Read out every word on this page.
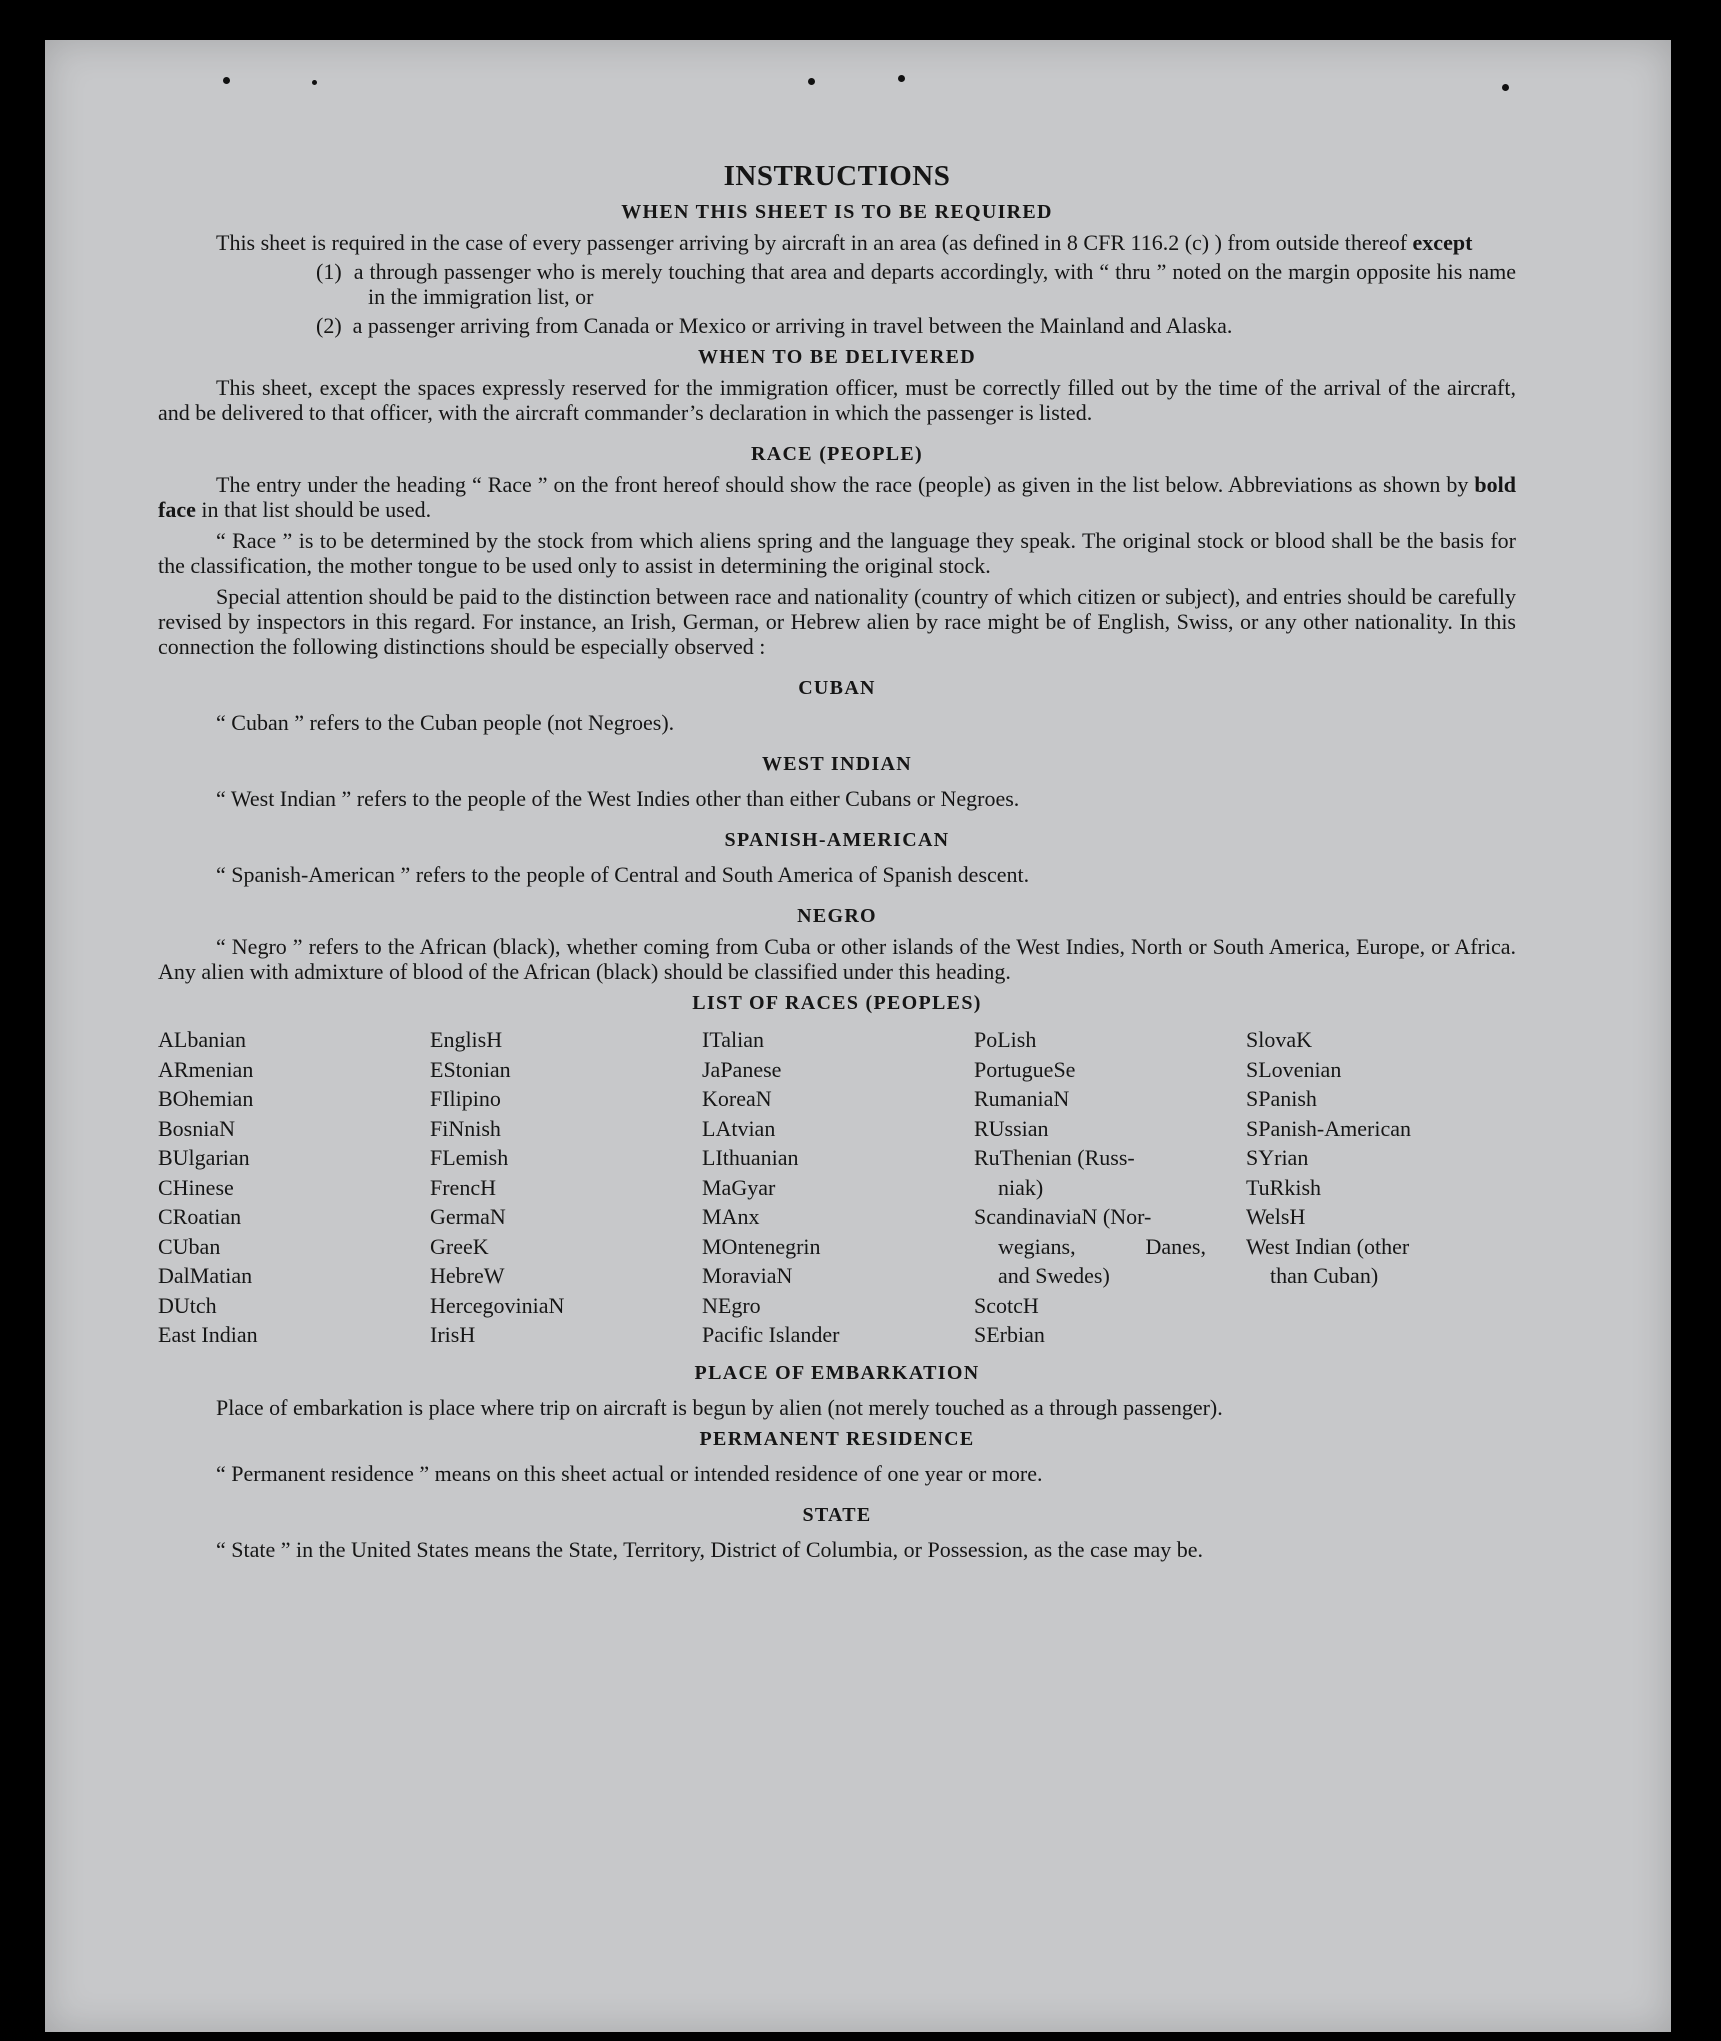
INSTRUCTIONS
WHEN THIS SHEET IS TO BE REQUIRED

This sheet is required in the case of every passenger arriving by aircraft in an area (as defined in 8 CFR 116.2 (c) ) from outside thereof except

(1) a through passenger who is merely touching that area and departs accordingly, with “ thru ” noted on the margin opposite his name in the immigration list, or
(2) a passenger arriving from Canada or Mexico or arriving in travel between the Mainland and Alaska.
WHEN TO BE DELIVERED

This sheet, except the spaces expressly reserved for the immigration officer, must be correctly filled out by the time of the arrival of the aircraft, and be delivered to that officer, with the aircraft commander’s declaration in which the passenger is listed.

RACE (PEOPLE)

The entry under the heading “ Race ” on the front hereof should show the race (people) as given in the list below. Abbreviations as shown by bold face in that list should be used.

“ Race ” is to be determined by the stock from which aliens spring and the language they speak. The original stock or blood shall be the basis for the classification, the mother tongue to be used only to assist in determining the original stock.

Special attention should be paid to the distinction between race and nationality (country of which citizen or subject), and entries should be carefully revised by inspectors in this regard. For instance, an Irish, German, or Hebrew alien by race might be of English, Swiss, or any other nationality. In this connection the following distinctions should be especially observed :

CUBAN

“ Cuban ” refers to the Cuban people (not Negroes).

WEST INDIAN

“ West Indian ” refers to the people of the West Indies other than either Cubans or Negroes.

SPANISH-AMERICAN

“ Spanish-American ” refers to the people of Central and South America of Spanish descent.

NEGRO

“ Negro ” refers to the African (black), whether coming from Cuba or other islands of the West Indies, North or South America, Europe, or Africa. Any alien with admixture of blood of the African (black) should be classified under this heading.

LIST OF RACES (PEOPLES)
ALbanian
ARmenian
BOhemian
BosniaN
BUlgarian
CHinese
CRoatian
CUban
DalMatian
DUtch
East Indian
EnglisH
EStonian
FIlipino
FiNnish
FLemish
FrencH
GermaN
GreeK
HebreW
HercegoviniaN
IrisH
ITalian
JaPanese
KoreaN
LAtvian
LIthuanian
MaGyar
MAnx
MOntenegrin
MoraviaN
NEgro
Pacific Islander
PoLish
PortugueSe
RumaniaN
RUssian
RuThenian (Russ-
niak)
ScandinaviaN (Nor-
wegians,	Danes,
and Swedes)
ScotcH
SErbian
SlovaK
SLovenian
SPanish
SPanish-American
SYrian
TuRkish
WelsH
West Indian (other
than Cuban)
PLACE OF EMBARKATION

Place of embarkation is place where trip on aircraft is begun by alien (not merely touched as a through passenger).

PERMANENT RESIDENCE

“ Permanent residence ” means on this sheet actual or intended residence of one year or more.

STATE

“ State ” in the United States means the State, Territory, District of Columbia, or Possession, as the case may be.
